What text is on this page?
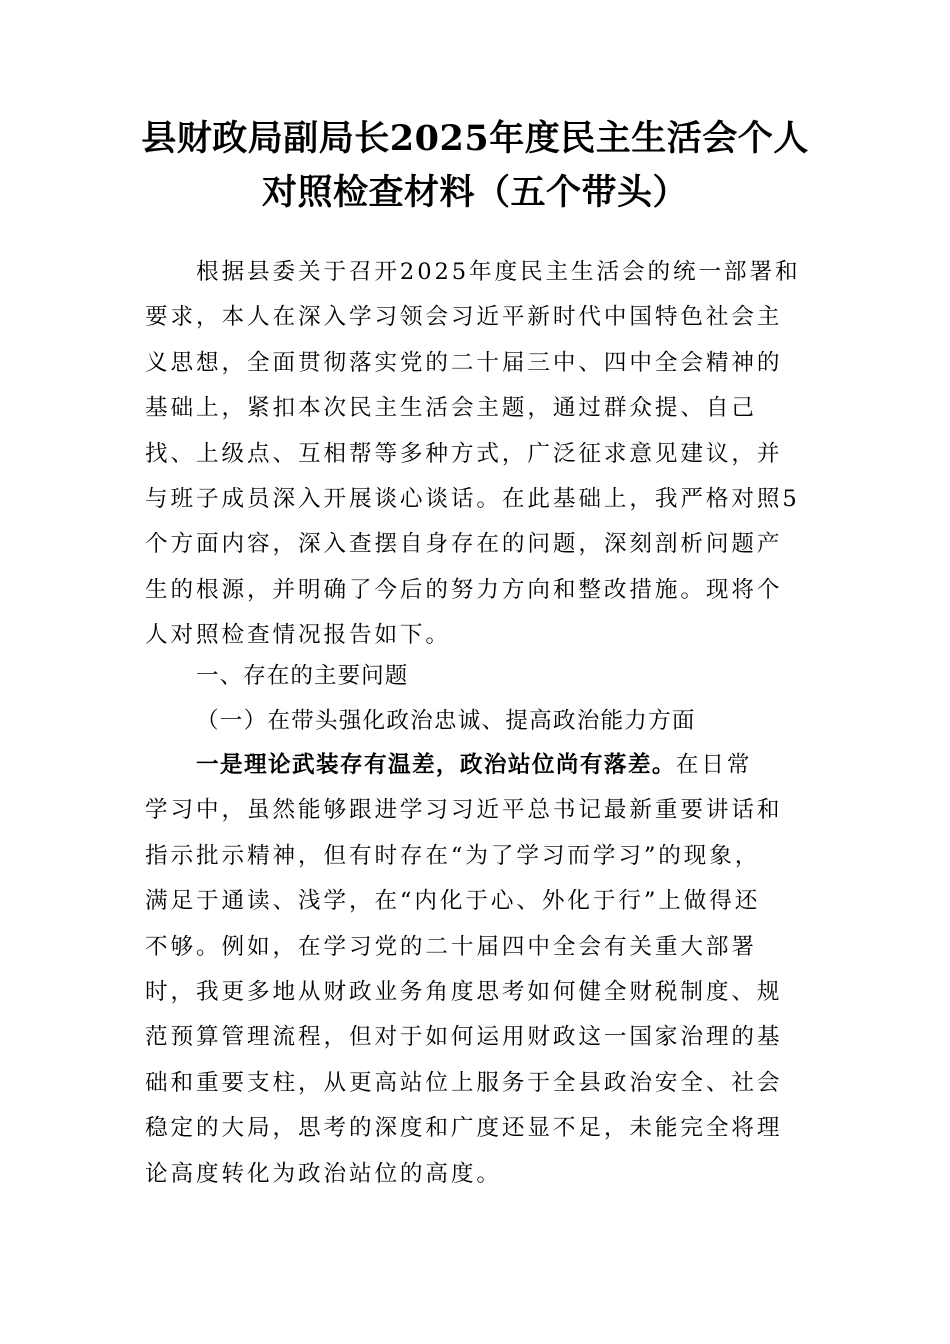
县财政局副局长2025年度民主生活会个人
对照检查材料（五个带头）
　　根据县委关于召开2025年度民主生活会的统一部署和
要求，本人在深入学习领会习近平新时代中国特色社会主
义思想，全面贯彻落实党的二十届三中、四中全会精神的
基础上，紧扣本次民主生活会主题，通过群众提、自己
找、上级点、互相帮等多种方式，广泛征求意见建议，并
与班子成员深入开展谈心谈话。在此基础上，我严格对照5
个方面内容，深入查摆自身存在的问题，深刻剖析问题产
生的根源，并明确了今后的努力方向和整改措施。现将个
人对照检查情况报告如下。
一、存在的主要问题
（一）在带头强化政治忠诚、提高政治能力方面
　　一是理论武装存有温差，政治站位尚有落差。在日常
学习中，虽然能够跟进学习习近平总书记最新重要讲话和
指示批示精神，但有时存在“为了学习而学习”的现象，
满足于通读、浅学，在“内化于心、外化于行”上做得还
不够。例如，在学习党的二十届四中全会有关重大部署
时，我更多地从财政业务角度思考如何健全财税制度、规
范预算管理流程，但对于如何运用财政这一国家治理的基
础和重要支柱，从更高站位上服务于全县政治安全、社会
稳定的大局，思考的深度和广度还显不足，未能完全将理
论高度转化为政治站位的高度。
